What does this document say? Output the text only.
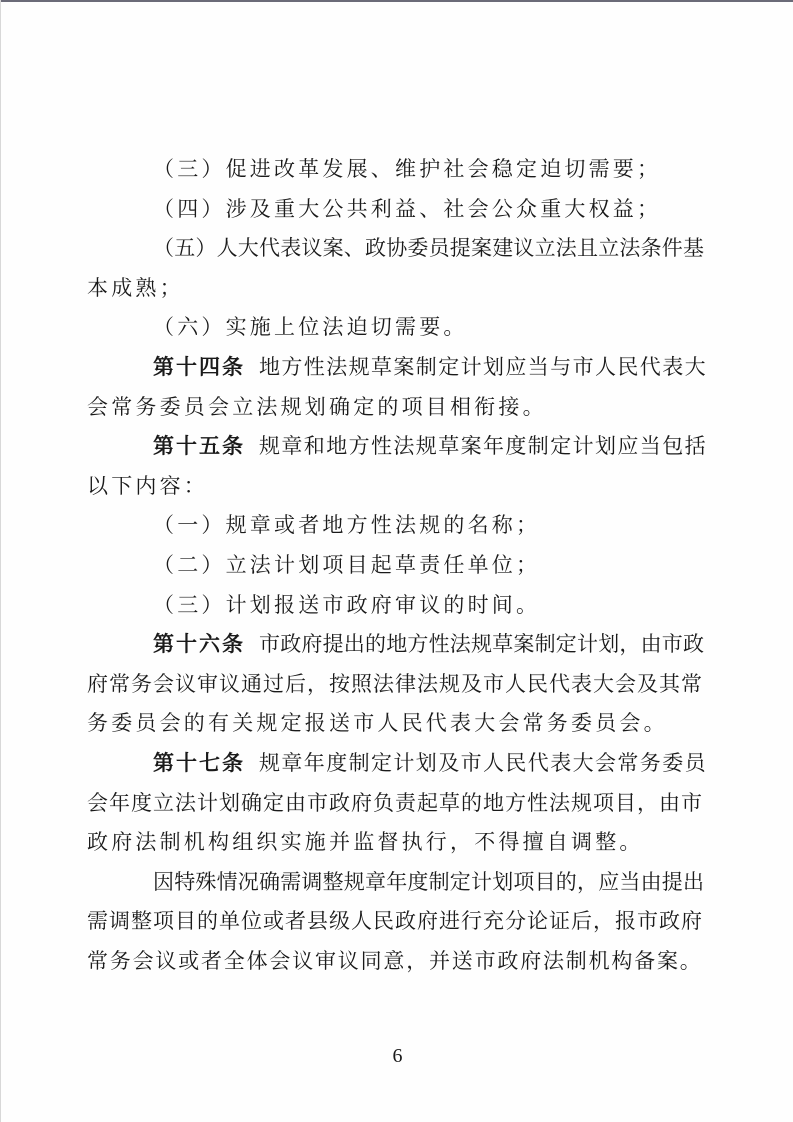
（三）促进改革发展、维护社会稳定迫切需要；
（四）涉及重大公共利益、社会公众重大权益；
（五）人大代表议案、政协委员提案建议立法且立法条件基
本成熟；
（六）实施上位法迫切需要。
第十四条 地方性法规草案制定计划应当与市人民代表大
会常务委员会立法规划确定的项目相衔接。
第十五条 规章和地方性法规草案年度制定计划应当包括
以下内容：
（一）规章或者地方性法规的名称；
（二）立法计划项目起草责任单位；
（三）计划报送市政府审议的时间。
第十六条 市政府提出的地方性法规草案制定计划，由市政
府常务会议审议通过后，按照法律法规及市人民代表大会及其常
务委员会的有关规定报送市人民代表大会常务委员会。
第十七条 规章年度制定计划及市人民代表大会常务委员
会年度立法计划确定由市政府负责起草的地方性法规项目，由市
政府法制机构组织实施并监督执行，不得擅自调整。
因特殊情况确需调整规章年度制定计划项目的，应当由提出
需调整项目的单位或者县级人民政府进行充分论证后，报市政府
常务会议或者全体会议审议同意，并送市政府法制机构备案。
6
